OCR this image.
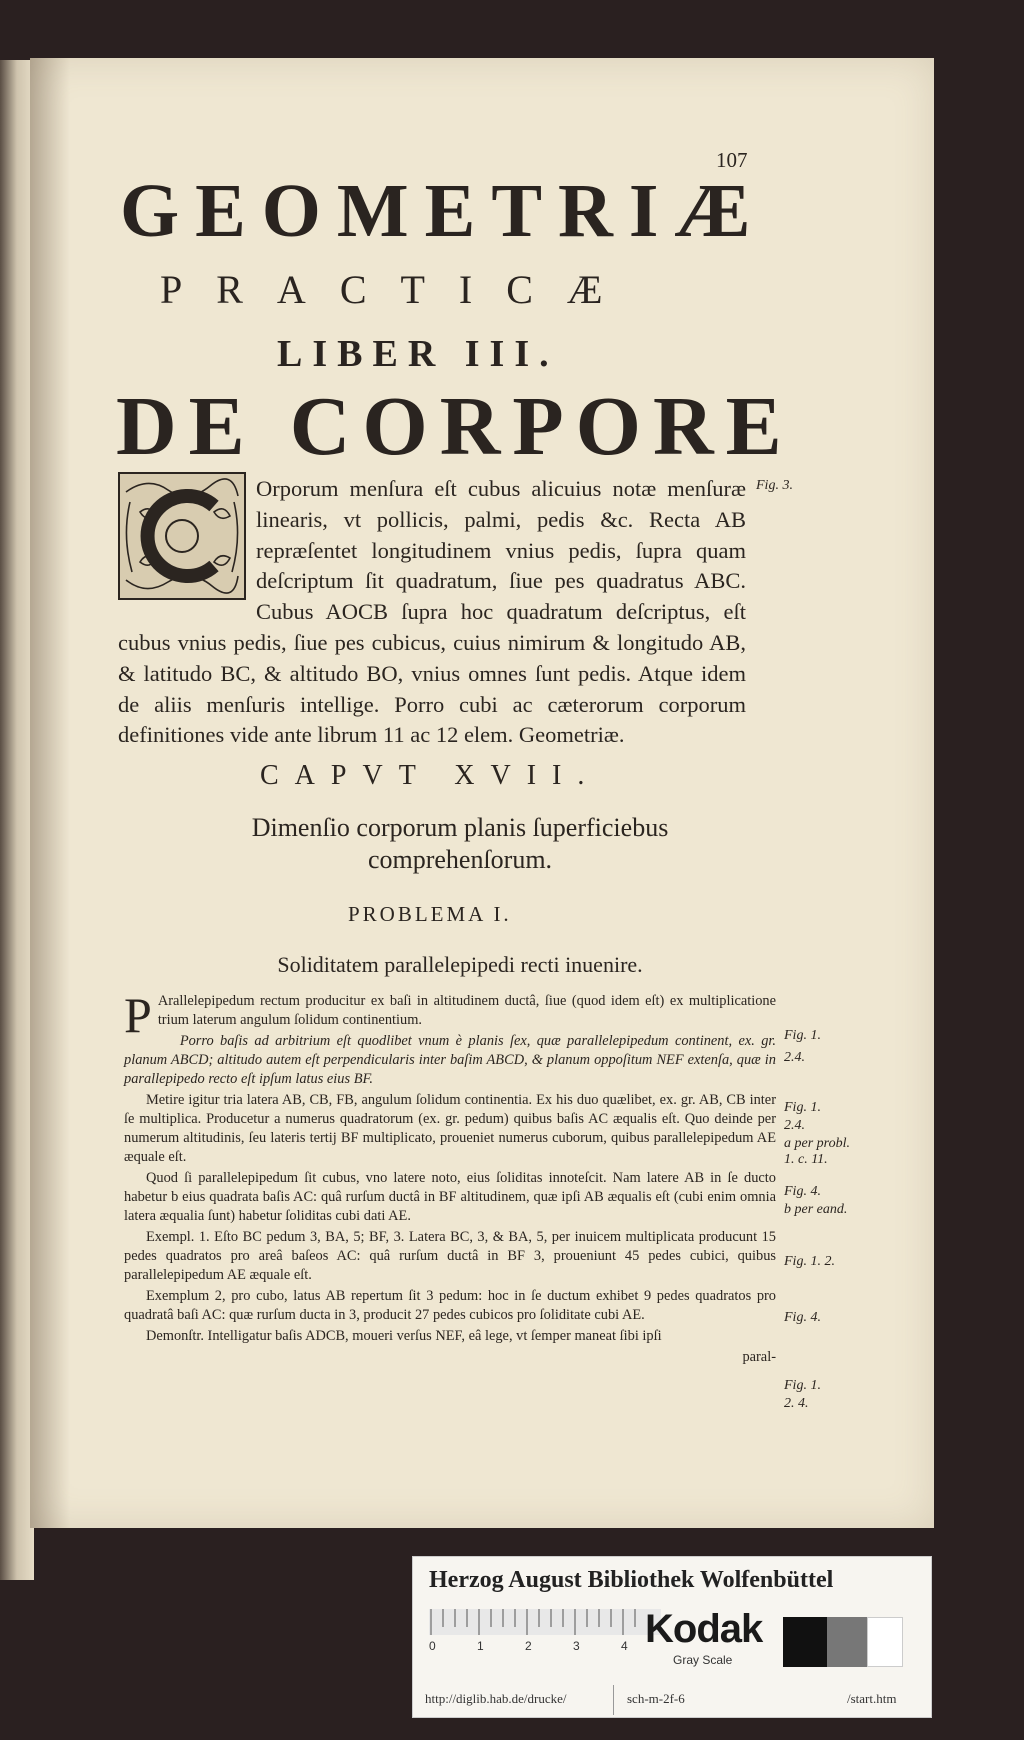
107
GEOMETRIÆ
PRACTICÆ
LIBER III.
DE CORPORE
Orporum menſura eſt cubus alicuius notæ menſuræ linearis, vt pollicis, palmi, pedis &c. Recta AB repræſentet longitudinem vnius pedis, ſupra quam deſcriptum ſit quadratum, ſiue pes quadratus ABC. Cubus AOCB ſupra hoc quadratum deſcriptus, eſt cubus vnius pedis, ſiue pes cubicus, cuius nimirum & longitudo AB, & latitudo BC, & altitudo BO, vnius omnes ſunt pedis. Atque idem de aliis menſuris intellige. Porro cubi ac cæterorum corporum definitiones vide ante librum 11 ac 12 elem. Geometriæ.
Fig. 3.
CAPVT XVII.
Dimenſio corporum planis ſuperficiebus comprehenſorum.
PROBLEMA I.
Soliditatem parallelepipedi recti inuenire.

P Arallelepipedum rectum producitur ex baſi in altitudinem ductâ, ſiue (quod idem eſt) ex multiplicatione trium laterum angulum ſolidum continentium.

Porro baſis ad arbitrium eſt quodlibet vnum è planis ſex, quæ parallelepipedum continent, ex. gr. planum ABCD; altitudo autem eſt perpendicularis inter baſim ABCD, & planum oppoſitum NEF extenſa, quæ in parallepipedo recto eſt ipſum latus eius BF.

Metire igitur tria latera AB, CB, FB, angulum ſolidum continentia. Ex his duo quælibet, ex. gr. AB, CB inter ſe multiplica. Producetur a numerus quadratorum (ex. gr. pedum) quibus baſis AC æqualis eſt. Quo deinde per numerum altitudinis, ſeu lateris tertij BF multiplicato, proueniet numerus cuborum, quibus parallelepipedum AE æquale eſt.

Quod ſi parallelepipedum ſit cubus, vno latere noto, eius ſoliditas innoteſcit. Nam latere AB in ſe ducto habetur b eius quadrata baſis AC: quâ rurſum ductâ in BF altitudinem, quæ ipſi AB æqualis eſt (cubi enim omnia latera æqualia ſunt) habetur ſoliditas cubi dati AE.

Exempl. 1. Eſto BC pedum 3, BA, 5; BF, 3. Latera BC, 3, & BA, 5, per inuicem multiplicata producunt 15 pedes quadratos pro areâ baſeos AC: quâ rurſum ductâ in BF 3, proueniunt 45 pedes cubici, quibus parallelepipedum AE æquale eſt.

Exemplum 2, pro cubo, latus AB repertum ſit 3 pedum: hoc in ſe ductum exhibet 9 pedes quadratos pro quadratâ baſi AC: quæ rurſum ducta in 3, producit 27 pedes cubicos pro ſoliditate cubi AE.

Demonſtr. Intelligatur baſis ADCB, moueri verſus NEF, eâ lege, vt ſemper maneat ſibi ipſi

paral-

Fig. 1.
2.4.
Fig. 1.
2.4.
a per probl.
1. c. 11.
Fig. 4.
b per eand.
Fig. 1. 2.
Fig. 4.
Fig. 1.
2. 4.
Herzog August Bibliothek Wolfenbüttel
0	1	2	3	4 Kodak
Gray Scale
http://diglib.hab.de/drucke/	sch-m-2f-6	/start.htm
